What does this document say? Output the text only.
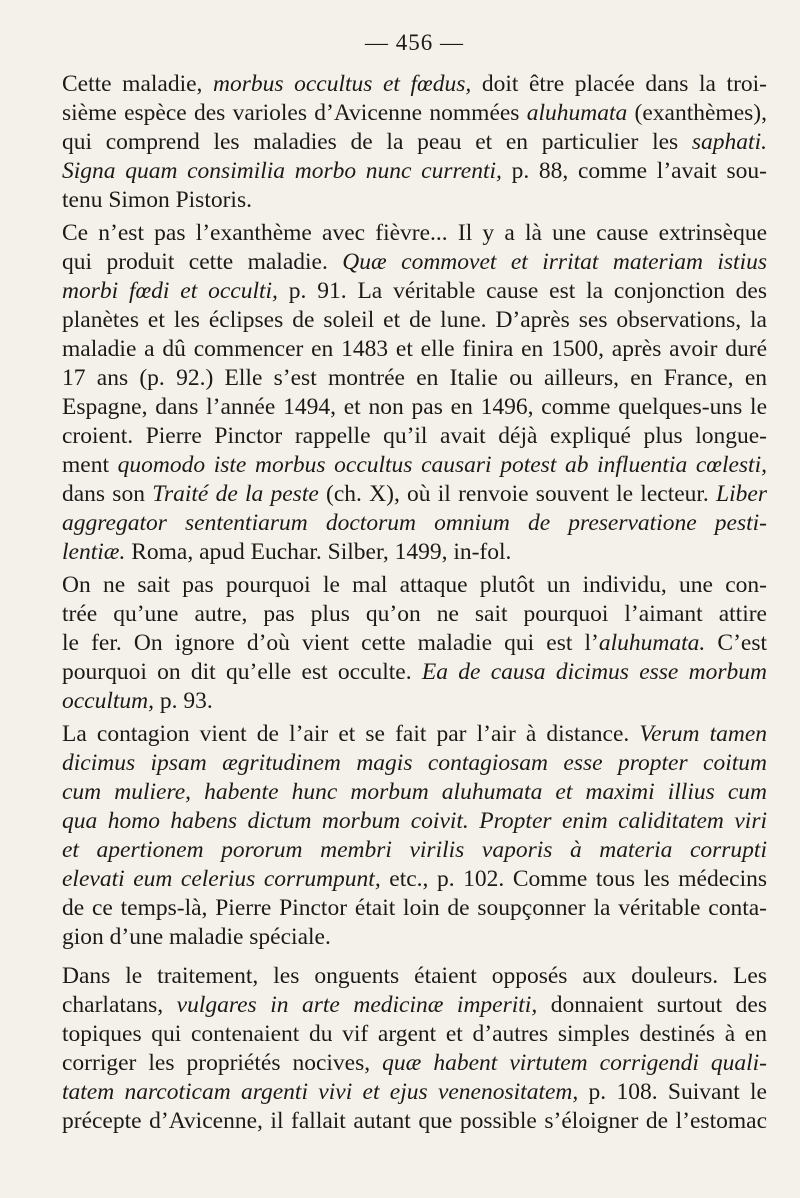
— 456 —
Cette maladie, morbus occultus et fœdus, doit être placée dans la troi-
sième espèce des varioles d’Avicenne nommées aluhumata (exanthèmes),
qui comprend les maladies de la peau et en particulier les saphati.
Signa quam consimilia morbo nunc currenti, p. 88, comme l’avait sou-
tenu Simon Pistoris.
Ce n’est pas l’exanthème avec fièvre... Il y a là une cause extrinsèque
qui produit cette maladie. Quæ commovet et irritat materiam istius
morbi fœdi et occulti, p. 91. La véritable cause est la conjonction des
planètes et les éclipses de soleil et de lune. D’après ses observations, la
maladie a dû commencer en 1483 et elle finira en 1500, après avoir duré
17 ans (p. 92.) Elle s’est montrée en Italie ou ailleurs, en France, en
Espagne, dans l’année 1494, et non pas en 1496, comme quelques-uns le
croient. Pierre Pinctor rappelle qu’il avait déjà expliqué plus longue-
ment quomodo iste morbus occultus causari potest ab influentia cœlesti,
dans son Traité de la peste (ch. X), où il renvoie souvent le lecteur. Liber
aggregator sententiarum doctorum omnium de preservatione pesti-
lentiæ. Roma, apud Euchar. Silber, 1499, in-fol.
On ne sait pas pourquoi le mal attaque plutôt un individu, une con-
trée qu’une autre, pas plus qu’on ne sait pourquoi l’aimant attire
le fer. On ignore d’où vient cette maladie qui est l’aluhumata. C’est
pourquoi on dit qu’elle est occulte. Ea de causa dicimus esse morbum
occultum, p. 93.
La contagion vient de l’air et se fait par l’air à distance. Verum tamen
dicimus ipsam ægritudinem magis contagiosam esse propter coitum
cum muliere, habente hunc morbum aluhumata et maximi illius cum
qua homo habens dictum morbum coivit. Propter enim caliditatem viri
et apertionem pororum membri virilis vaporis à materia corrupti
elevati eum celerius corrumpunt, etc., p. 102. Comme tous les médecins
de ce temps-là, Pierre Pinctor était loin de soupçonner la véritable conta-
gion d’une maladie spéciale.
Dans le traitement, les onguents étaient opposés aux douleurs. Les
charlatans, vulgares in arte medicinæ imperiti, donnaient surtout des
topiques qui contenaient du vif argent et d’autres simples destinés à en
corriger les propriétés nocives, quæ habent virtutem corrigendi quali-
tatem narcoticam argenti vivi et ejus venenositatem, p. 108. Suivant le
précepte d’Avicenne, il fallait autant que possible s’éloigner de l’estomac
